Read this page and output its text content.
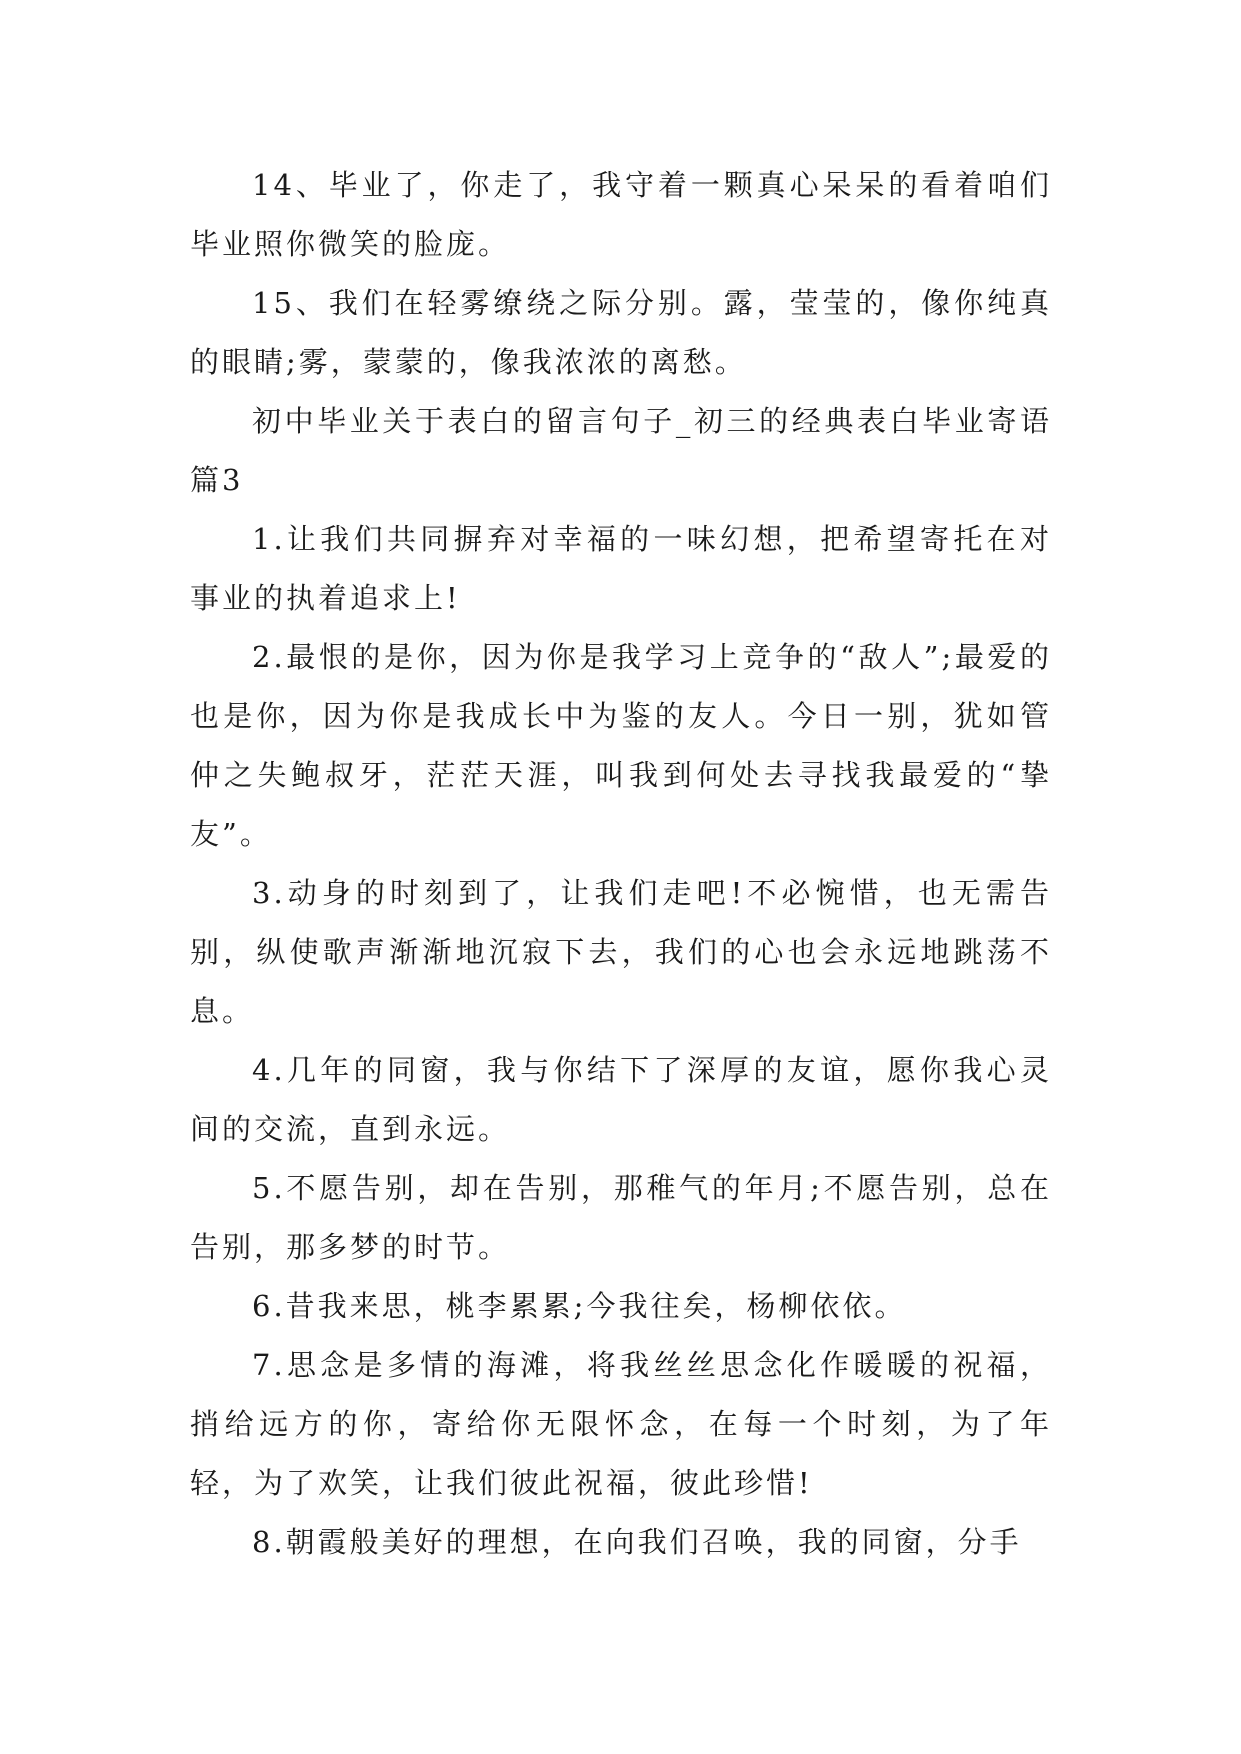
14、毕业了，你走了，我守着一颗真心呆呆的看着咱们毕业照你微笑的脸庞。

15、我们在轻雾缭绕之际分别。露，莹莹的，像你纯真的眼睛;雾，蒙蒙的，像我浓浓的离愁。

初中毕业关于表白的留言句子_初三的经典表白毕业寄语 篇3

1.让我们共同摒弃对幸福的一味幻想，把希望寄托在对事业的执着追求上!

2.最恨的是你，因为你是我学习上竞争的“敌人”;最爱的也是你，因为你是我成长中为鉴的友人。今日一别，犹如管仲之失鲍叔牙，茫茫天涯，叫我到何处去寻找我最爱的“挚友”。

3.动身的时刻到了，让我们走吧!不必惋惜，也无需告别，纵使歌声渐渐地沉寂下去，我们的心也会永远地跳荡不息。

4.几年的同窗，我与你结下了深厚的友谊，愿你我心灵间的交流，直到永远。

5.不愿告别，却在告别，那稚气的年月;不愿告别，总在告别，那多梦的时节。

6.昔我来思，桃李累累;今我往矣，杨柳依依。

7.思念是多情的海滩，将我丝丝思念化作暖暖的祝福，捎给远方的你，寄给你无限怀念，在每一个时刻，为了年轻，为了欢笑，让我们彼此祝福，彼此珍惜!

8.朝霞般美好的理想，在向我们召唤，我的同窗，分手
